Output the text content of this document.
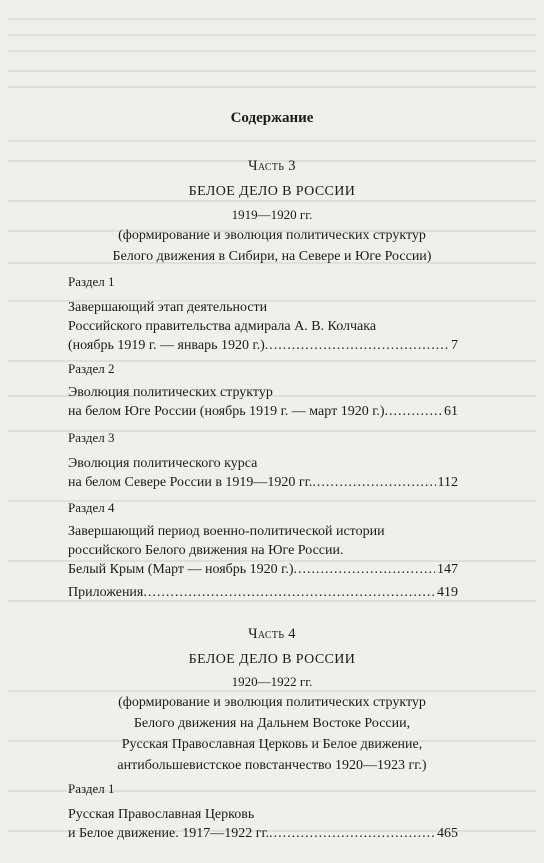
Содержание
Часть 3
БЕЛОЕ ДЕЛО В РОССИИ
1919—1920 гг.
(формирование и эволюция политических структур
Белого движения в Сибири, на Севере и Юге России)
Раздел 1
Завершающий этап деятельности
Российского правительства адмирала А. В. Колчака
(ноябрь 1919 г. — январь 1920 г.) .....	7
Раздел 2
Эволюция политических структур
на белом Юге России (ноябрь 1919 г. — март 1920 г.) .....	61
Раздел 3
Эволюция политического курса
на белом Севере России в 1919—1920 гг. .....	112
Раздел 4
Завершающий период военно-политической истории
российского Белого движения на Юге России.
Белый Крым (Март — ноябрь 1920 г.) .....	147
Приложения .....	419
Часть 4
БЕЛОЕ ДЕЛО В РОССИИ
1920—1922 гг.
(формирование и эволюция политических структур
Белого движения на Дальнем Востоке России,
Русская Православная Церковь и Белое движение,
антибольшевистское повстанчество 1920—1923 гг.)
Раздел 1
Русская Православная Церковь
и Белое движение. 1917—1922 гг. .....	465
